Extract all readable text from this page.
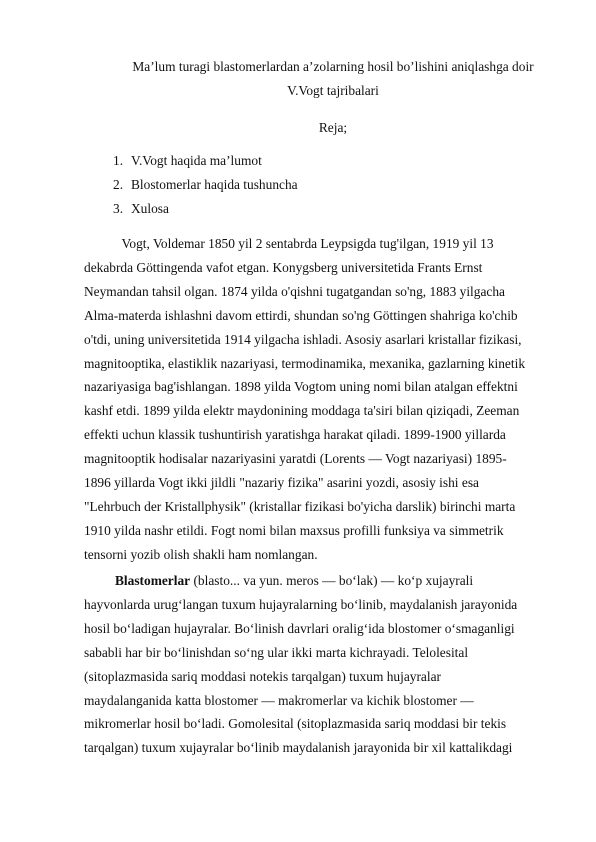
Ma’lum turagi blastomerlardan a’zolarning hosil bo’lishini aniqlashga doir
V.Vogt tajribalari

Reja;

1. V.Vogt haqida ma’lumot
2. Blostomerlar haqida tushuncha
3. Xulosa

Vogt, Voldemar 1850 yil 2 sentabrda Leypsigda tug'ilgan, 1919 yil 13
dekabrda Göttingenda vafot etgan. Konygsberg universitetida Frants Ernst
Neymandan tahsil olgan. 1874 yilda o'qishni tugatgandan so'ng, 1883 yilgacha
Alma-materda ishlashni davom ettirdi, shundan so'ng Göttingen shahriga ko'chib
o'tdi, uning universitetida 1914 yilgacha ishladi. Asosiy asarlari kristallar fizikasi,
magnitooptika, elastiklik nazariyasi, termodinamika, mexanika, gazlarning kinetik
nazariyasiga bag'ishlangan. 1898 yilda Vogtom uning nomi bilan atalgan effektni
kashf etdi. 1899 yilda elektr maydonining moddaga ta'siri bilan qiziqadi, Zeeman
effekti uchun klassik tushuntirish yaratishga harakat qiladi. 1899-1900 yillarda
magnitooptik hodisalar nazariyasini yaratdi (Lorents — Vogt nazariyasi) 1895-
1896 yillarda Vogt ikki jildli "nazariy fizika" asarini yozdi, asosiy ishi esa
"Lehrbuch der Kristallphysik" (kristallar fizikasi bo'yicha darslik) birinchi marta
1910 yilda nashr etildi. Fogt nomi bilan maxsus profilli funksiya va simmetrik
tensorni yozib olish shakli ham nomlangan.

Blastomerlar (blasto... va yun. meros — bo‘lak) — ko‘p xujayrali
hayvonlarda urug‘langan tuxum hujayralarning bo‘linib, maydalanish jarayonida
hosil bo‘ladigan hujayralar. Bo‘linish davrlari oralig‘ida blostomer o‘smaganligi
sababli har bir bo‘linishdan so‘ng ular ikki marta kichrayadi. Telolesital
(sitoplazmasida sariq moddasi notekis tarqalgan) tuxum hujayralar
maydalanganida katta blostomer — makromerlar va kichik blostomer —
mikromerlar hosil bo‘ladi. Gomolesital (sitoplazmasida sariq moddasi bir tekis
tarqalgan) tuxum xujayralar bo‘linib maydalanish jarayonida bir xil kattalikdagi
